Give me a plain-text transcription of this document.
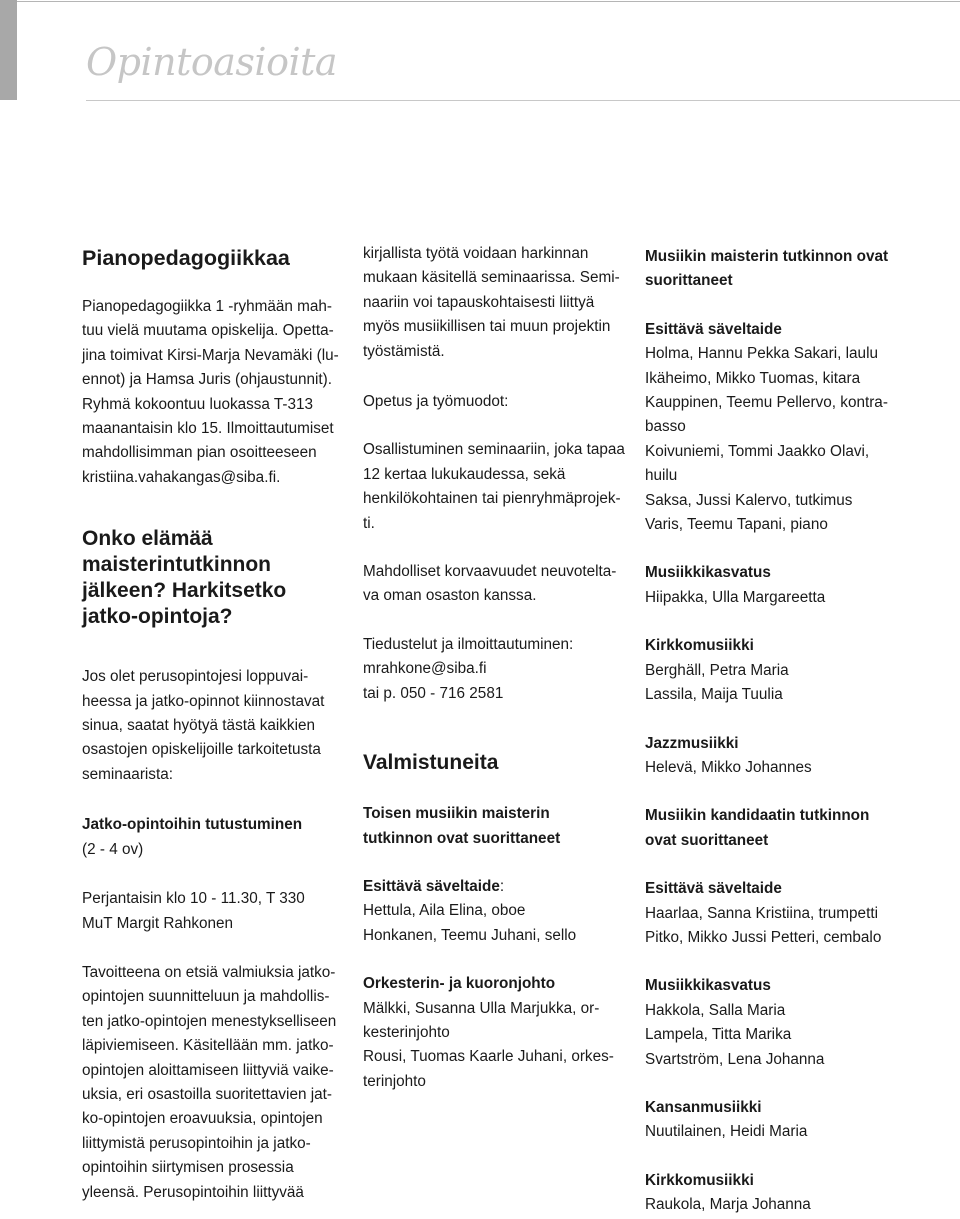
Opintoasioita
Pianopedagogiikkaa
Pianopedagogiikka 1 -ryhmään mah-
tuu vielä muutama opiskelija. Opetta-
jina toimivat Kirsi-Marja Nevamäki (lu-
ennot) ja Hamsa Juris (ohjaustunnit).
Ryhmä kokoontuu luokassa T-313
maanantaisin klo 15. Ilmoittautumiset
mahdollisimman pian osoitteeseen
kristiina.vahakangas@siba.fi.
Onko elämää
maisterintutkinnon
jälkeen? Harkitsetko
jatko-opintoja?
Jos olet perusopintojesi loppuvai-
heessa ja jatko-opinnot kiinnostavat
sinua, saatat hyötyä tästä kaikkien
osastojen opiskelijoille tarkoitetusta
seminaarista:
Jatko-opintoihin tutustuminen
(2 - 4 ov)
Perjantaisin klo 10 - 11.30, T 330
MuT Margit Rahkonen
Tavoitteena on etsiä valmiuksia jatko-
opintojen suunnitteluun ja mahdollis-
ten jatko-opintojen menestykselliseen
läpiviemiseen. Käsitellään mm. jatko-
opintojen aloittamiseen liittyviä vaike-
uksia, eri osastoilla suoritettavien jat-
ko-opintojen eroavuuksia, opintojen
liittymistä perusopintoihin ja jatko-
opintoihin siirtymisen prosessia
yleensä. Perusopintoihin liittyvää
kirjallista työtä voidaan harkinnan
mukaan käsitellä seminaarissa. Semi-
naariin voi tapauskohtaisesti liittyä
myös musiikillisen tai muun projektin
työstämistä.
Opetus ja työmuodot:
Osallistuminen seminaariin, joka tapaa
12 kertaa lukukaudessa, sekä
henkilökohtainen tai pienryhmäprojek-
ti.
Mahdolliset korvaavuudet neuvotelta-
va oman osaston kanssa.
Tiedustelut ja ilmoittautuminen:
mrahkone@siba.fi
tai p. 050 - 716 2581
Valmistuneita
Toisen musiikin maisterin
tutkinnon ovat suorittaneet
Esittävä säveltaide:
Hettula, Aila Elina, oboe
Honkanen, Teemu Juhani, sello
Orkesterin- ja kuoronjohto
Mälkki, Susanna Ulla Marjukka, or-
kesterinjohto
Rousi, Tuomas Kaarle Juhani, orkes-
terinjohto
Musiikin maisterin tutkinnon ovat
suorittaneet
Esittävä säveltaide
Holma, Hannu Pekka Sakari, laulu
Ikäheimo, Mikko Tuomas, kitara
Kauppinen, Teemu Pellervo, kontra-
basso
Koivuniemi, Tommi Jaakko Olavi,
huilu
Saksa, Jussi Kalervo, tutkimus
Varis, Teemu Tapani, piano
Musiikkikasvatus
Hiipakka, Ulla Margareetta
Kirkkomusiikki
Berghäll, Petra Maria
Lassila, Maija Tuulia
Jazzmusiikki
Helevä, Mikko Johannes
Musiikin kandidaatin tutkinnon
ovat suorittaneet
Esittävä säveltaide
Haarlaa, Sanna Kristiina, trumpetti
Pitko, Mikko Jussi Petteri, cembalo
Musiikkikasvatus
Hakkola, Salla Maria
Lampela, Titta Marika
Svartström, Lena Johanna
Kansanmusiikki
Nuutilainen, Heidi Maria
Kirkkomusiikki
Raukola, Marja Johanna
